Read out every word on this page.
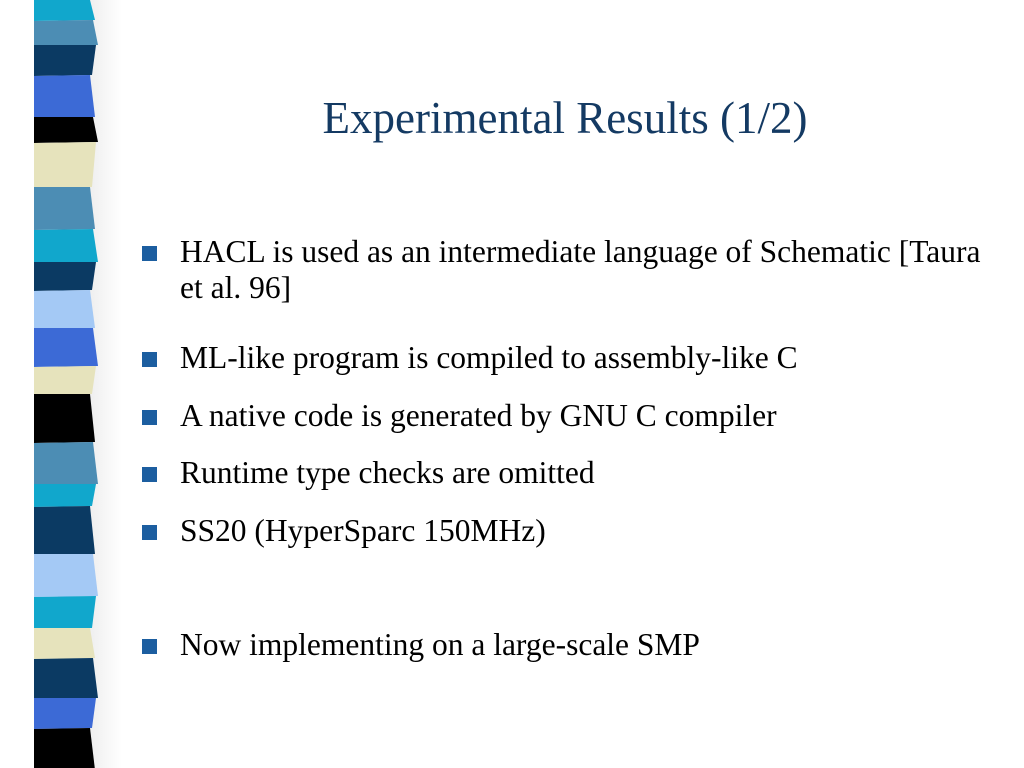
Experimental Results (1/2)
HACL is used as an intermediate language of Schematic [Taura et al. 96]
ML-like program is compiled to assembly-like C
A native code is generated by GNU C compiler
Runtime type checks are omitted
SS20 (HyperSparc 150MHz)
Now implementing on a large-scale SMP
